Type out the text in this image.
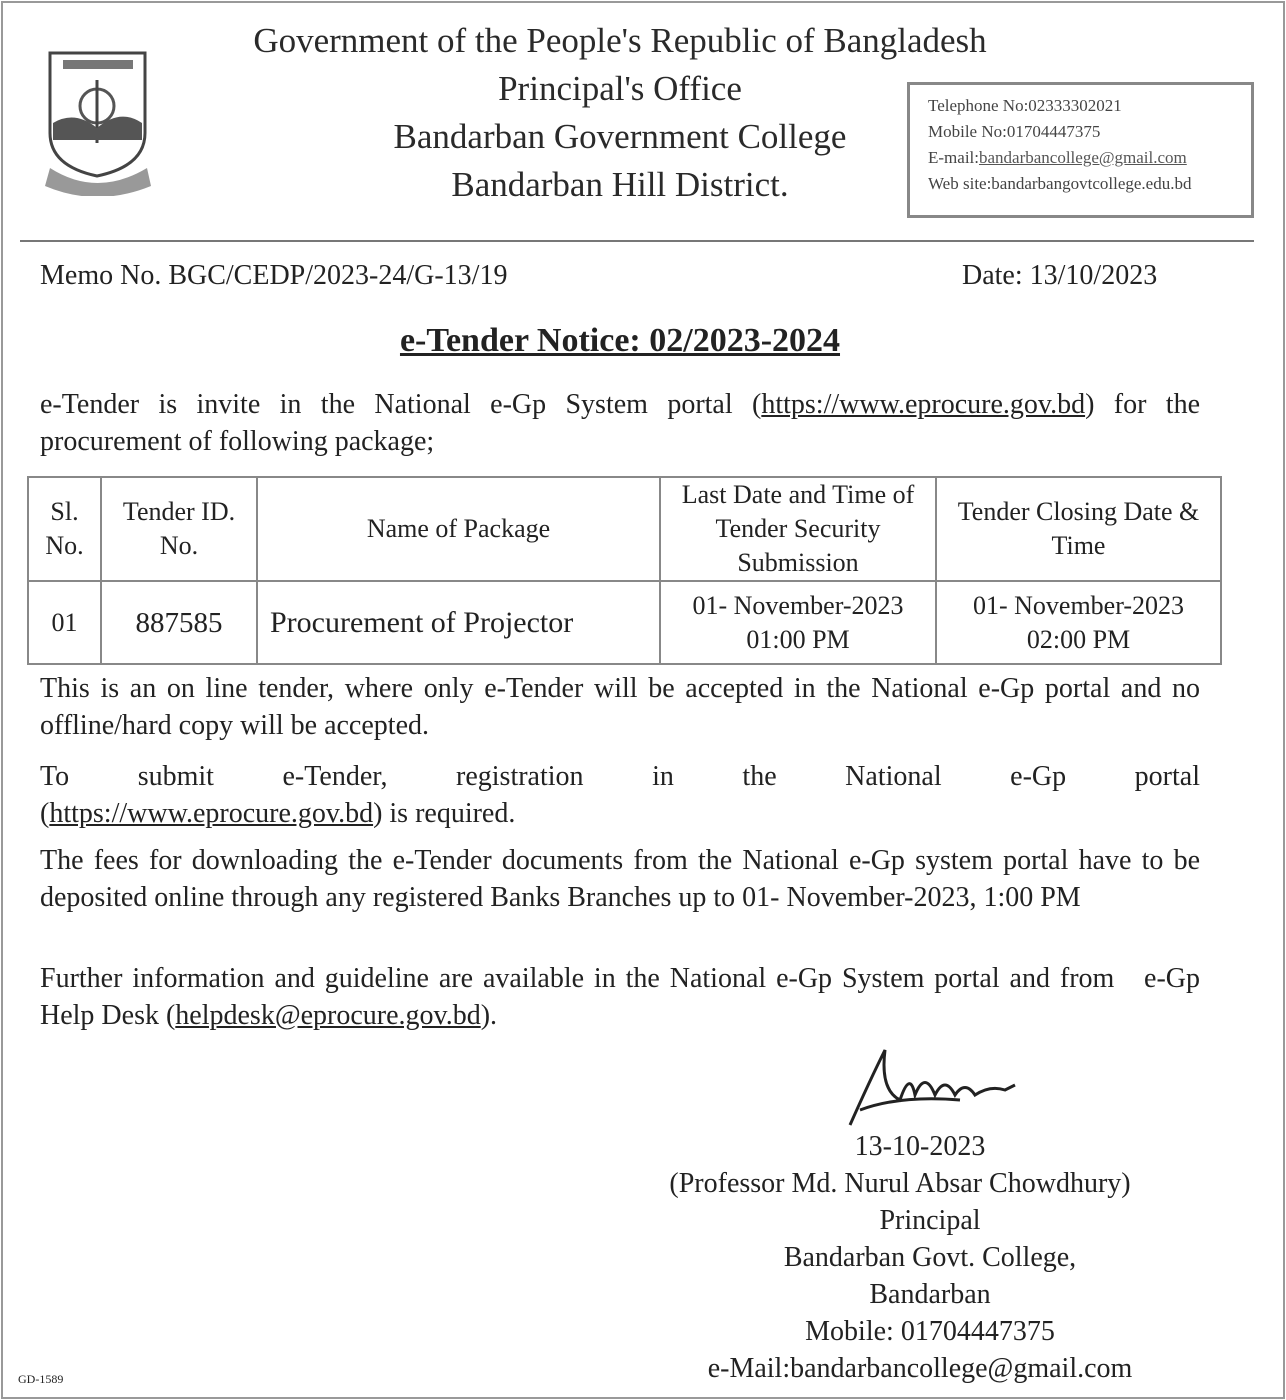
Government of the People's Republic of Bangladesh
Principal's Office
Bandarban Government College
Bandarban Hill District.
Telephone No:02333302021
Mobile No:01704447375
E-mail:bandarbancollege@gmail.com
Web site:bandarbangovtcollege.edu.bd
Memo No. BGC/CEDP/2023-24/G-13/19	Date: 13/10/2023
e-Tender Notice: 02/2023-2024
e-Tender is invite in the National e-Gp System portal (https://www.eprocure.gov.bd) for the procurement of following package;
Sl. No.	Tender ID. No.	Name of Package	Last Date and Time of Tender Security Submission	Tender Closing Date & Time
01	887585	Procurement of Projector	01- November-2023 01:00 PM	01- November-2023 02:00 PM
This is an on line tender, where only e-Tender will be accepted in the National e-Gp portal and no offline/hard copy will be accepted.
To submit e-Tender, registration in the National e-Gp portal
(https://www.eprocure.gov.bd) is required.
The fees for downloading the e-Tender documents from the National e-Gp system portal have to be deposited online through any registered Banks Branches up to 01- November-2023, 1:00 PM
Further information and guideline are available in the National e-Gp System portal and from   e-Gp Help Desk (helpdesk@eprocure.gov.bd).
13-10-2023
(Professor Md. Nurul Absar Chowdhury)
Principal
Bandarban Govt. College,
Bandarban
Mobile: 01704447375
e-Mail:bandarbancollege@gmail.com
GD-1589
